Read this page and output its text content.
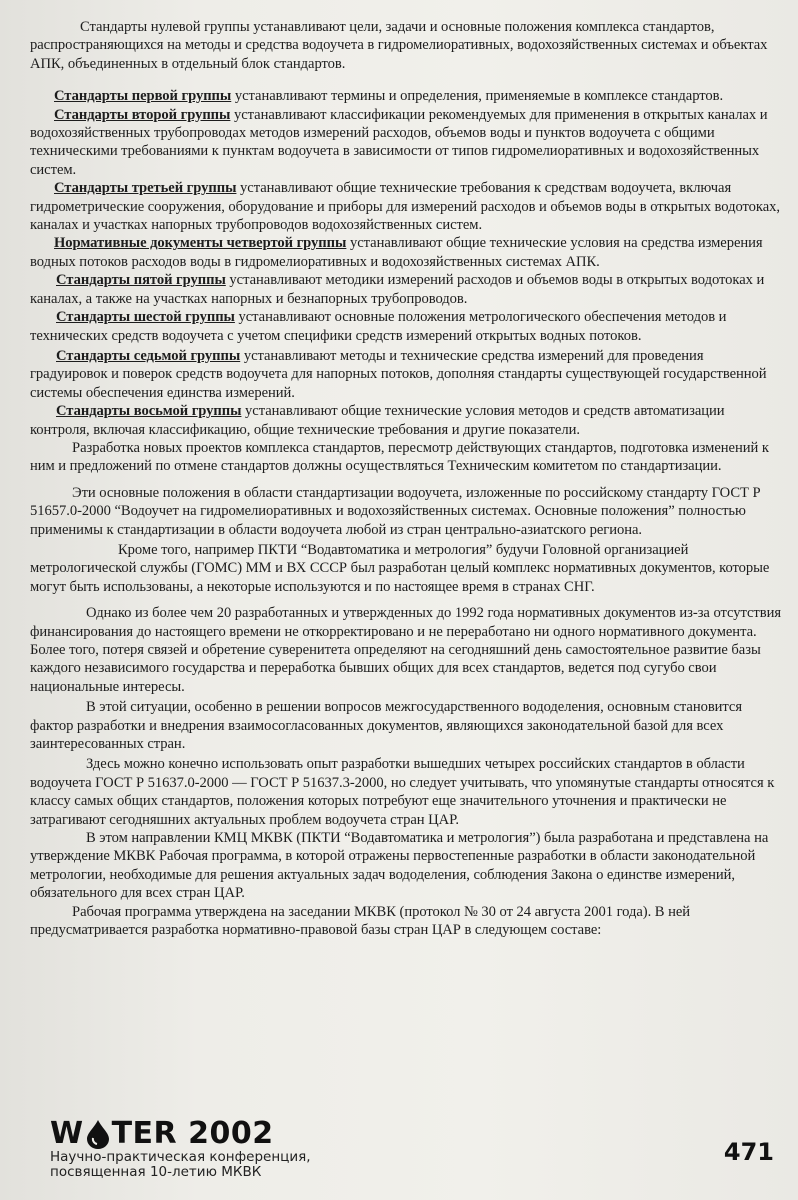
Стандарты нулевой группы устанавливают цели, задачи и основные положения комплекса стандартов, распространяющихся на методы и средства водоучета в гидромелиоративных, водохозяйственных системах и объектах АПК, объединенных в отдельный блок стандартов.

Стандарты первой группы устанавливают термины и определения, применяемые в комплексе стандартов.

Стандарты второй группы устанавливают классификации рекомендуемых для применения в открытых каналах и водохозяйственных трубопроводах методов измерений расходов, объемов воды и пунктов водоучета с общими техническими требованиями к пунктам водоучета в зависимости от типов гидромелиоративных и водохозяйственных систем.

Стандарты третьей группы устанавливают общие технические требования к средствам водоучета, включая гидрометрические сооружения, оборудование и приборы для измерений расходов и объемов воды в открытых водотоках, каналах и участках напорных трубопроводов водохозяйственных систем.

Нормативные документы четвертой группы устанавливают общие технические условия на средства измерения водных потоков расходов воды в гидромелиоративных и водохозяйственных системах АПК.

Стандарты пятой группы устанавливают методики измерений расходов и объемов воды в открытых водотоках и каналах, а также на участках напорных и безнапорных трубопроводов.

Стандарты шестой группы устанавливают основные положения метрологического обеспечения методов и технических средств водоучета с учетом специфики средств измерений открытых водных потоков.

Стандарты седьмой группы устанавливают методы и технические средства измерений для проведения градуировок и поверок средств водоучета для напорных потоков, дополняя стандарты существующей государственной системы обеспечения единства измерений.

Стандарты восьмой группы устанавливают общие технические условия методов и средств автоматизации контроля, включая классификацию, общие технические требования и другие показатели.

Разработка новых проектов комплекса стандартов, пересмотр действующих стандартов, подготовка изменений к ним и предложений по отмене стандартов должны осуществляться Техническим комитетом по стандартизации.

Эти основные положения в области стандартизации водоучета, изложенные по российскому стандарту ГОСТ Р 51657.0-2000 “Водоучет на гидромелиоративных и водохозяйственных системах. Основные положения” полностью применимы к стандартизации в области водоучета любой из стран центрально-азиатского региона.

Кроме того, например ПКТИ “Водавтоматика и метрология” будучи Головной организацией метрологической службы (ГОМС) ММ и ВХ СССР был разработан целый комплекс нормативных документов, которые могут быть использованы, а некоторые используются и по настоящее время в странах СНГ.

Однако из более чем 20 разработанных и утвержденных до 1992 года нормативных документов из-за отсутствия финансирования до настоящего времени не откорректировано и не переработано ни одного нормативного документа. Более того, потеря связей и обретение суверенитета определяют на сегодняшний день самостоятельное развитие базы каждого независимого государства и переработка бывших общих для всех стандартов, ведется под сугубо свои национальные интересы.

В этой ситуации, особенно в решении вопросов межгосударственного вододеления, основным становится фактор разработки и внедрения взаимосогласованных документов, являющихся законодательной базой для всех заинтересованных стран.

Здесь можно конечно использовать опыт разработки вышедших четырех российских стандартов в области водоучета ГОСТ Р 51637.0-2000 — ГОСТ Р 51637.3-2000, но следует учитывать, что упомянутые стандарты относятся к классу самых общих стандартов, положения которых потребуют еще значительного уточнения и практически не затрагивают сегодняшних актуальных проблем водоучета стран ЦАР.

В этом направлении КМЦ МКВК (ПКТИ “Водавтоматика и метрология”) была разработана и представлена на утверждение МКВК Рабочая программа, в которой отражены первостепенные разработки в области законодательной метрологии, необходимые для решения актуальных задач вододеления, соблюдения Закона о единстве измерений, обязательного для всех стран ЦАР.

Рабочая программа утверждена на заседании МКВК (протокол № 30 от 24 августа 2001 года). В ней предусматривается разработка нормативно-правовой базы стран ЦАР в следующем составе:

W TER 2002
Научно-практическая конференция,
посвященная 10-летию МКВК
471
